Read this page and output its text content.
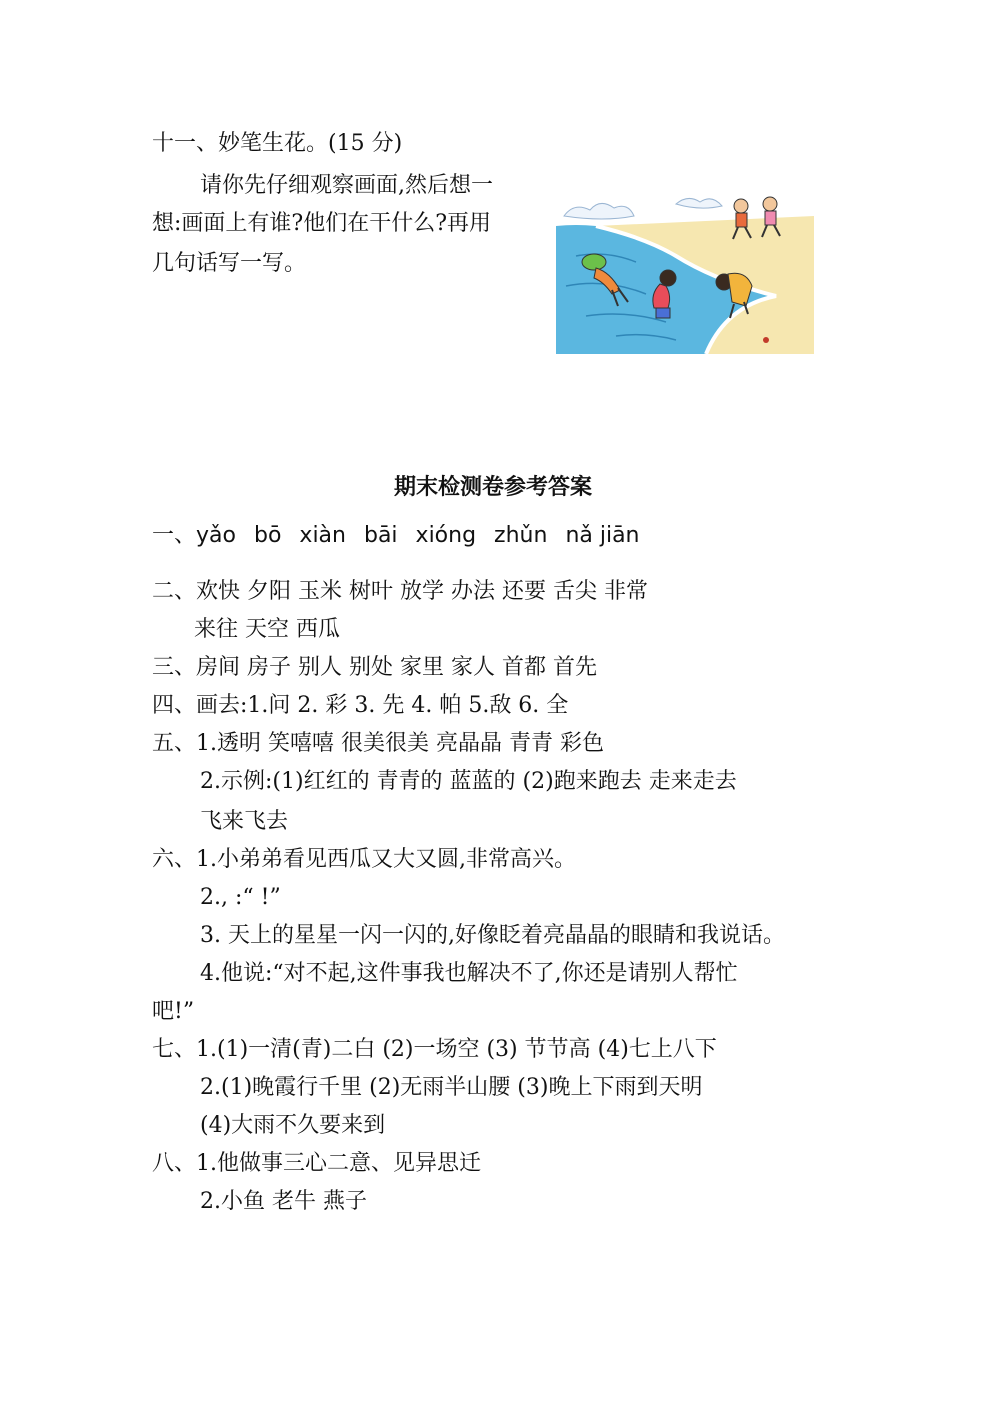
十一、妙笔生花。(15 分)
请你先仔细观察画面,然后想一
想:画面上有谁?他们在干什么?再用
几句话写一写。
期末检测卷参考答案
一、yǎo bō xiàn bāi xióng zhǔn nǎ jiān
二、欢快 夕阳 玉米 树叶 放学 办法 还要 舌尖 非常
来往 天空 西瓜
三、房间 房子 别人 别处 家里 家人 首都 首先
四、画去:1.问 2. 彩 3. 先 4. 帕 5.敌 6. 全
五、1.透明 笑嘻嘻 很美很美 亮晶晶 青青 彩色
2.示例:(1)红红的 青青的 蓝蓝的 (2)跑来跑去 走来走去
飞来飞去
六、1.小弟弟看见西瓜又大又圆,非常高兴。
2., :“ !”
3. 天上的星星一闪一闪的,好像眨着亮晶晶的眼睛和我说话。
4.他说:“对不起,这件事我也解决不了,你还是请别人帮忙
吧!”
七、1.(1)一清(青)二白 (2)一场空 (3) 节节高 (4)七上八下
2.(1)晚霞行千里 (2)无雨半山腰 (3)晚上下雨到天明
(4)大雨不久要来到
八、1.他做事三心二意、见异思迁
2.小鱼 老牛 燕子
